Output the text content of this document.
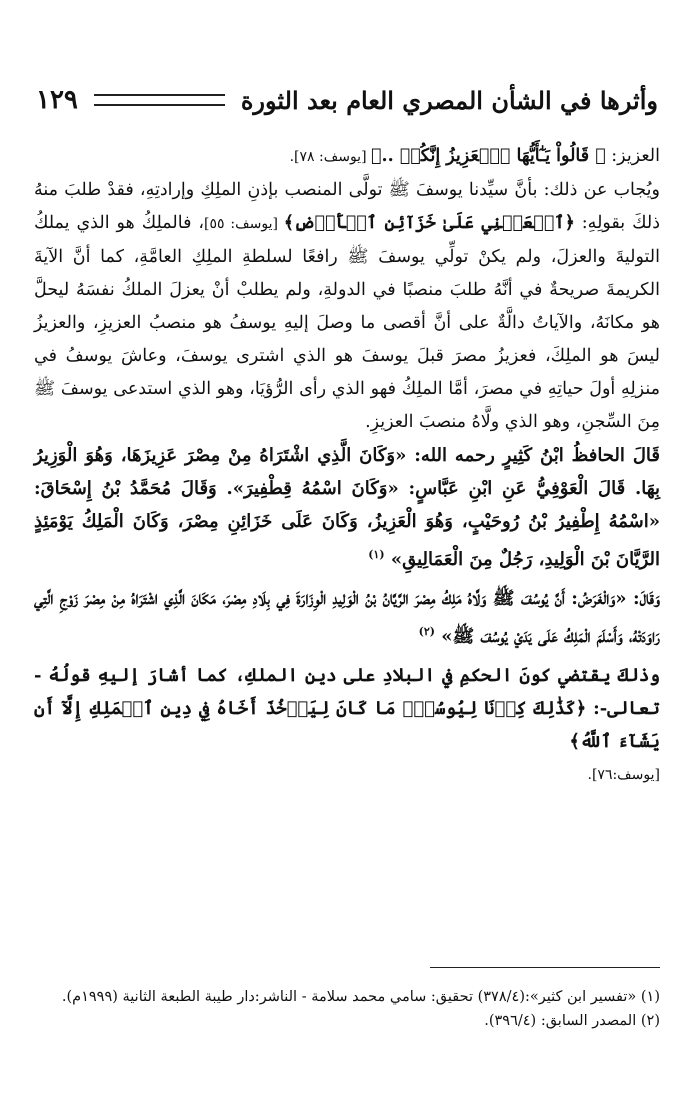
وأثرها في الشأن المصري العام بعد الثورة
١٢٩

العزيز: ﴿ قَالُواْ يَـٰٓأَيُّهَا ٱلۡعَزِيزُ إِنَّكُمۡ ..﴾ [يوسف: ٧٨].

ويُجاب عن ذلك: بأنَّ سيِّدنا يوسفَ ﷺ تولَّى المنصب بإذنِ الملِكِ وإرادتِهِ، فقدْ طلبَ منهُ ذلكَ بقولِهِ: ﴿ٱجۡعَلۡنِي عَلَىٰ خَزَآئِنِ ٱلۡأَرۡضِ﴾ [يوسف: ٥٥]، فالملِكُ هو الذي يملكُ التوليةَ والعزلَ، ولم يكنْ تولِّي يوسفَ ﷺ رافعًا لسلطةِ الملِكِ العامَّةِ، كما أنَّ الآيةَ الكريمةَ صريحةٌ في أنَّهُ طلبَ منصبًا في الدولةِ، ولم يطلبْ أنْ يعزلَ الملكُ نفسَهُ ليحلَّ هو مكانَهُ، والآياتُ دالَّةٌ على أنَّ أقصى ما وصلَ إليهِ يوسفُ هو منصبُ العزيزِ، والعزيزُ ليسَ هو الملِكَ، فعزيزُ مصرَ قبلَ يوسفَ هو الذي اشترى يوسفَ، وعاشَ يوسفُ في منزلِهِ أولَ حياتِهِ في مصرَ، أمَّا الملِكُ فهو الذي رأى الرُّؤيَا، وهو الذي استدعى يوسفَ ﷺ مِنَ السِّجنِ، وهو الذي ولَّاهُ منصبَ العزيزِ.

قَالَ الحافظُ ابْنُ كَثِيرٍ رحمه الله: «وَكَانَ الَّذِي اشْتَرَاهُ مِنْ مِصْرَ عَزِيزَهَا، وَهُوَ الْوَزِيرُ بِهَا. قَالَ الْعَوْفِيُّ عَنِ ابْنِ عَبَّاسٍ: «وَكَانَ اسْمُهُ قِطْفِيرَ». وَقَالَ مُحَمَّدُ بْنُ إِسْحَاقَ: «اسْمُهُ إِطْفِيرُ بْنُ رُوحَيْبٍ، وَهُوَ الْعَزِيزُ، وَكَانَ عَلَى خَزَائِنِ مِصْرَ، وَكَانَ الْمَلِكُ يَوْمَئِذٍ الرَّيَّانَ بْنَ الْوَلِيدِ، رَجُلٌ مِنَ الْعَمَالِيقِ» $^{(١)}$

وَقَالَ: «وَالْغَرَضُ: أَنَّ يُوسُفَ ﷺ وَلَّاهُ مَلِكُ مِصْرَ الرَّيَّانُ بْنُ الْوَلِيدِ الْوِزَارَةَ فِي بِلَادِ مِصْرَ، مَكَانَ الَّذِي اشْتَرَاهُ مِنْ مِصْرَ زَوْجِ الَّتِي رَاوَدَتْهُ، وَأَسْلَمَ الْمَلِكُ عَلَى يَدَيْ يُوسُفَ ﷺ» $^{(٢)}$

وذلكَ يقتضي كونَ الحكمِ في البلادِ على دينِ الملكِ، كما أشارَ إليهِ قولُهُ - تعالى-: ﴿كَذَٰلِكَ كِدۡنَا لِيُوسُفَۖ مَا كَانَ لِيَأۡخُذَ أَخَاهُ فِي دِينِ ٱلۡمَلِكِ إِلَّآ أَن يَشَآءَ ٱللَّهُ﴾

[يوسف:٧٦].

(١) «تفسير ابن كثير»:(٣٧٨/٤) تحقيق: سامي محمد سلامة - الناشر:دار طيبة الطبعة الثانية (١٩٩٩م).

(٢) المصدر السابق: (٣٩٦/٤).
